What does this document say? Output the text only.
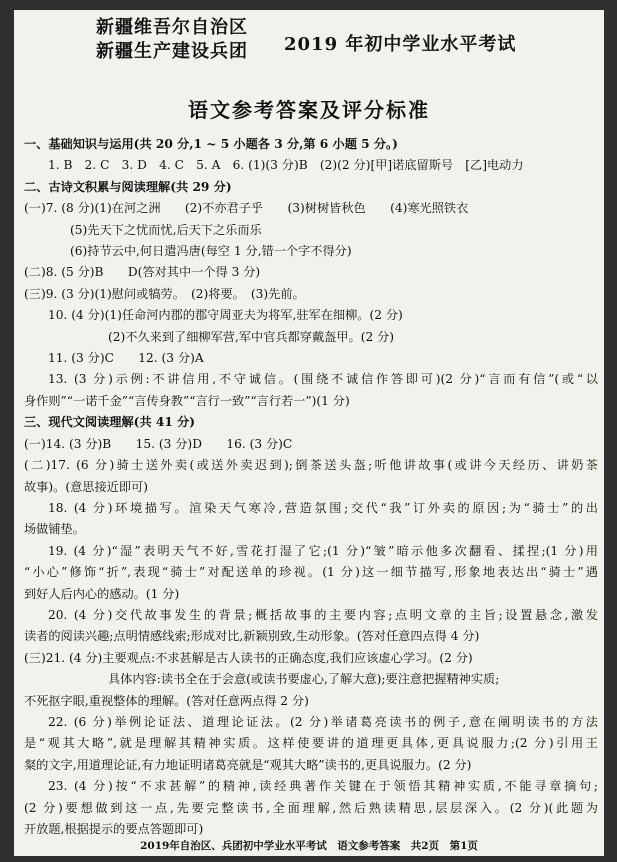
新疆维吾尔自治区
新疆生产建设兵团 2019 年初中学业水平考试
语文参考答案及评分标准
一、基础知识与运用(共 20 分,1 ~ 5 小题各 3 分,第 6 小题 5 分。)
1. B　2. C　3. D　4. C　5. A　6. (1)(3 分)B　(2)(2 分)[甲]诺底留斯号　[乙]电动力
二、古诗文积累与阅读理解(共 29 分)
(一)7. (8 分)(1)在河之洲　　(2)不亦君子乎　　(3)树树皆秋色　　(4)寒光照铁衣
(5)先天下之忧而忧,后天下之乐而乐
(6)持节云中,何日遣冯唐(每空 1 分,错一个字不得分)
(二)8. (5 分)B　　D(答对其中一个得 3 分)
(三)9. (3 分)(1)慰问或犒劳。　(2)将要。　(3)先前。
10. (4 分)(1)任命河内郡的郡守周亚夫为将军,驻军在细柳。(2 分)
(2)不久来到了细柳军营,军中官兵都穿戴盔甲。(2 分)
11. (3 分)C　　12. (3 分)A
13. (3 分)示例:不讲信用,不守诚信。(围绕不诚信作答即可)(2 分)“言而有信”(或“以
身作则”“一诺千金”“言传身教”“言行一致”“言行若一”)(1 分)
三、现代文阅读理解(共 41 分)
(一)14. (3 分)B　　15. (3 分)D　　16. (3 分)C
(二)17. (6 分)骑士送外卖(或送外卖迟到);倒茶送头盔;听他讲故事(或讲今天经历、讲奶茶
故事)。(意思接近即可)
18. (4 分)环境描写。渲染天气寒冷,营造氛围;交代“我”订外卖的原因;为“骑士”的出
场做铺垫。
19. (4 分)“湿”表明天气不好,雪花打湿了它;(1 分)“皱”暗示他多次翻看、揉捏;(1 分)用
“小心”修饰“折”,表现“骑士”对配送单的珍视。(1 分)这一细节描写,形象地表达出“骑士”遇
到好人后内心的感动。(1 分)
20. (4 分)交代故事发生的背景;概括故事的主要内容;点明文章的主旨;设置悬念,激发
读者的阅读兴趣;点明情感线索;形成对比,新颖别致,生动形象。(答对任意四点得 4 分)
(三)21. (4 分)主要观点:不求甚解是古人读书的正确态度,我们应该虚心学习。(2 分)
具体内容:读书全在于会意(或读书要虚心,了解大意);要注意把握精神实质;
不死抠字眼,重视整体的理解。(答对任意两点得 2 分)
22. (6 分)举例论证法、道理论证法。(2 分)举诸葛亮读书的例子,意在阐明读书的方法
是“观其大略”,就是理解其精神实质。这样使要讲的道理更具体,更具说服力;(2 分)引用王
粲的文字,用道理论证,有力地证明诸葛亮就是“观其大略”读书的,更具说服力。(2 分)
23. (4 分)按“不求甚解”的精神,读经典著作关键在于领悟其精神实质,不能寻章摘句;
(2 分)要想做到这一点,先要完整读书,全面理解,然后熟读精思,层层深入。(2 分)(此题为
开放题,根据提示的要点答题即可)
2019年自治区、兵团初中学业水平考试　语文参考答案　共2页　第1页
